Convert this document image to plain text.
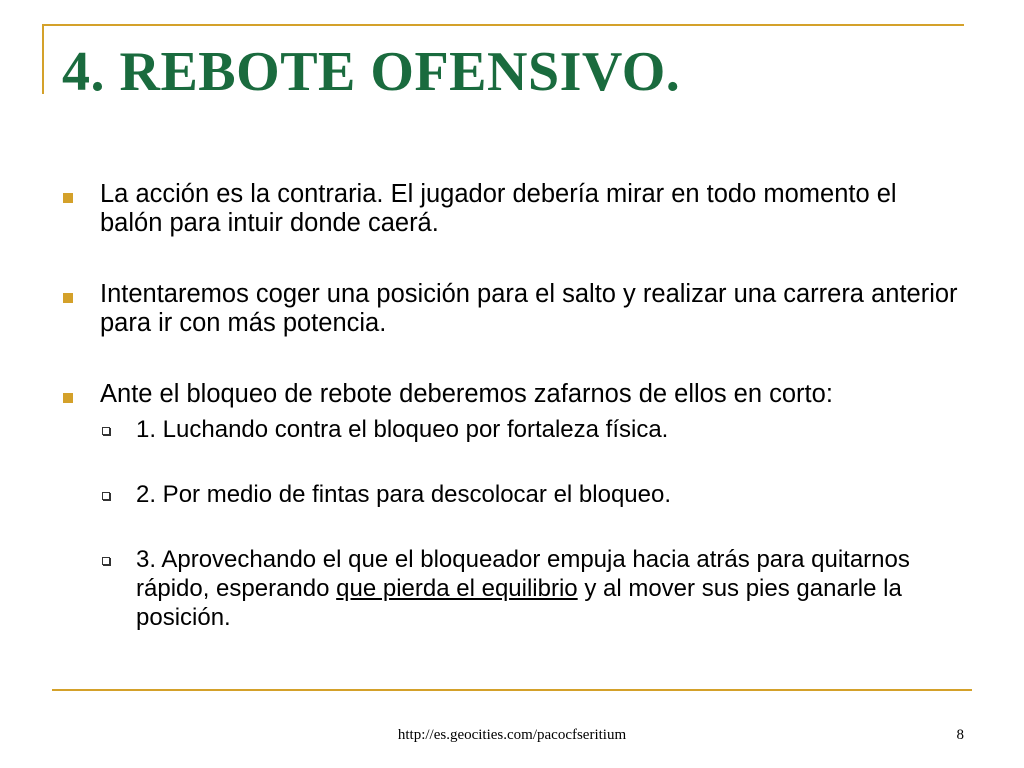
4. REBOTE OFENSIVO.
La acción es la contraria. El jugador debería mirar en todo momento el balón para intuir donde caerá.
Intentaremos coger una posición para el salto y realizar una carrera anterior para ir con más potencia.
Ante el bloqueo de rebote deberemos zafarnos de ellos en corto:
1. Luchando contra el bloqueo por fortaleza física.
2. Por medio de fintas para descolocar el bloqueo.
3. Aprovechando el que el bloqueador empuja hacia atrás para quitarnos rápido, esperando que pierda el equilibrio y al mover sus pies ganarle la posición.
http://es.geocities.com/pacocfseritium	8
